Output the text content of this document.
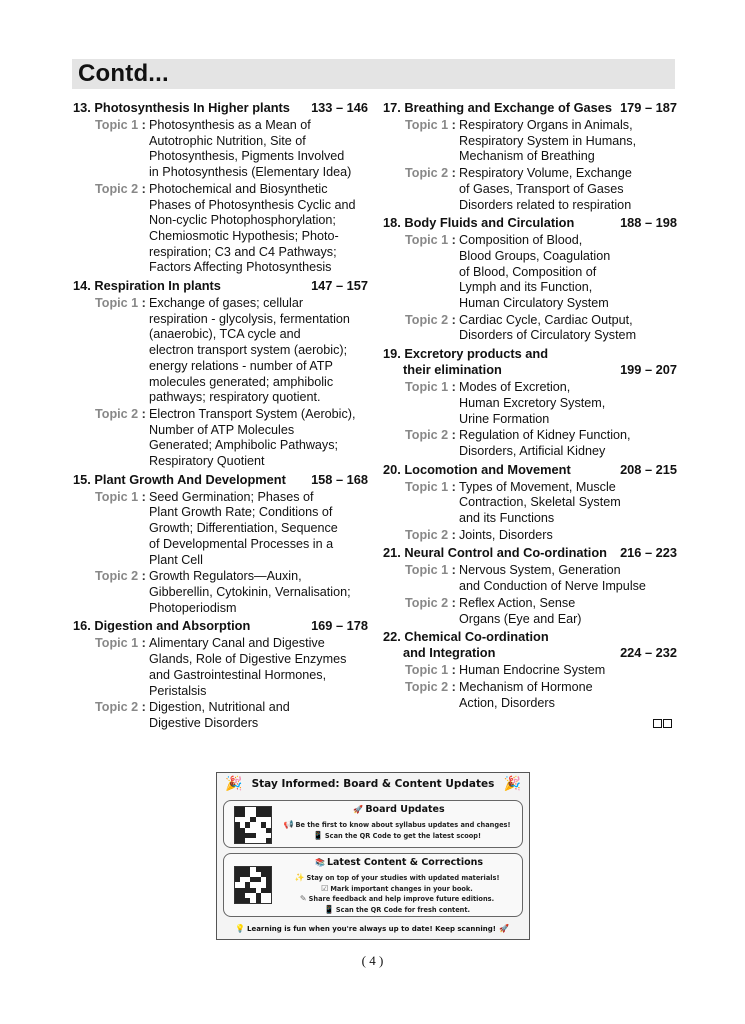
Contd...
13. Photosynthesis In Higher plants 133 – 146
Topic 1 : Photosynthesis as a Mean of
Autotrophic Nutrition, Site of
Photosynthesis, Pigments Involved
in Photosynthesis (Elementary Idea)
Topic 2 : Photochemical and Biosynthetic
Phases of Photosynthesis Cyclic and
Non-cyclic Photophosphorylation;
Chemiosmotic Hypothesis; Photo-
respiration; C3 and C4 Pathways;
Factors Affecting Photosynthesis
14. Respiration In plants	147 – 157
Topic 1 : Exchange of gases; cellular
respiration - glycolysis, fermentation
(anaerobic), TCA cycle and
electron transport system (aerobic);
energy relations - number of ATP
molecules generated; amphibolic
pathways; respiratory quotient.
Topic 2 : Electron Transport System (Aerobic),
Number of ATP Molecules
Generated; Amphibolic Pathways;
Respiratory Quotient
15. Plant Growth And Development 158 – 168
Topic 1 : Seed Germination; Phases of
Plant Growth Rate; Conditions of
Growth; Differentiation, Sequence
of Developmental Processes in a
Plant Cell
Topic 2 : Growth Regulators—Auxin,
Gibberellin, Cytokinin, Vernalisation;
Photoperiodism
16. Digestion and Absorption	169 – 178
Topic 1 : Alimentary Canal and Digestive
Glands, Role of Digestive Enzymes
and Gastrointestinal Hormones,
Peristalsis
Topic 2 : Digestion, Nutritional and
Digestive Disorders
17. Breathing and Exchange of Gases 179 – 187
Topic 1 : Respiratory Organs in Animals,
Respiratory System in Humans,
Mechanism of Breathing
Topic 2 : Respiratory Volume, Exchange
of Gases, Transport of Gases
Disorders related to respiration
18. Body Fluids and Circulation	188 – 198
Topic 1 : Composition of Blood,
Blood Groups, Coagulation
of Blood, Composition of
Lymph and its Function,
Human Circulatory System
Topic 2 : Cardiac Cycle, Cardiac Output,
Disorders of Circulatory System
19. Excretory products and
their elimination	199 – 207
Topic 1 : Modes of Excretion,
Human Excretory System,
Urine Formation
Topic 2 : Regulation of Kidney Function,
Disorders, Artificial Kidney
20. Locomotion and Movement	208 – 215
Topic 1 : Types of Movement, Muscle
Contraction, Skeletal System
and its Functions
Topic 2 : Joints, Disorders
21. Neural Control and Co-ordination 216 – 223
Topic 1 : Nervous System, Generation
and Conduction of Nerve Impulse
Topic 2 : Reflex Action, Sense
Organs (Eye and Ear)
22. Chemical Co-ordination
and Integration	224 – 232
Topic 1 : Human Endocrine System
Topic 2 : Mechanism of Hormone
Action, Disorders
🎉 Stay Informed: Board & Content Updates 🎉
🚀 Board Updates
📢 Be the first to know about syllabus updates and changes!
📱 Scan the QR Code to get the latest scoop!
📚 Latest Content & Corrections
✨ Stay on top of your studies with updated materials!
☑ Mark important changes in your book.
✎ Share feedback and help improve future editions.
📱 Scan the QR Code for fresh content.
💡 Learning is fun when you're always up to date! Keep scanning! 🚀
( 4 )
